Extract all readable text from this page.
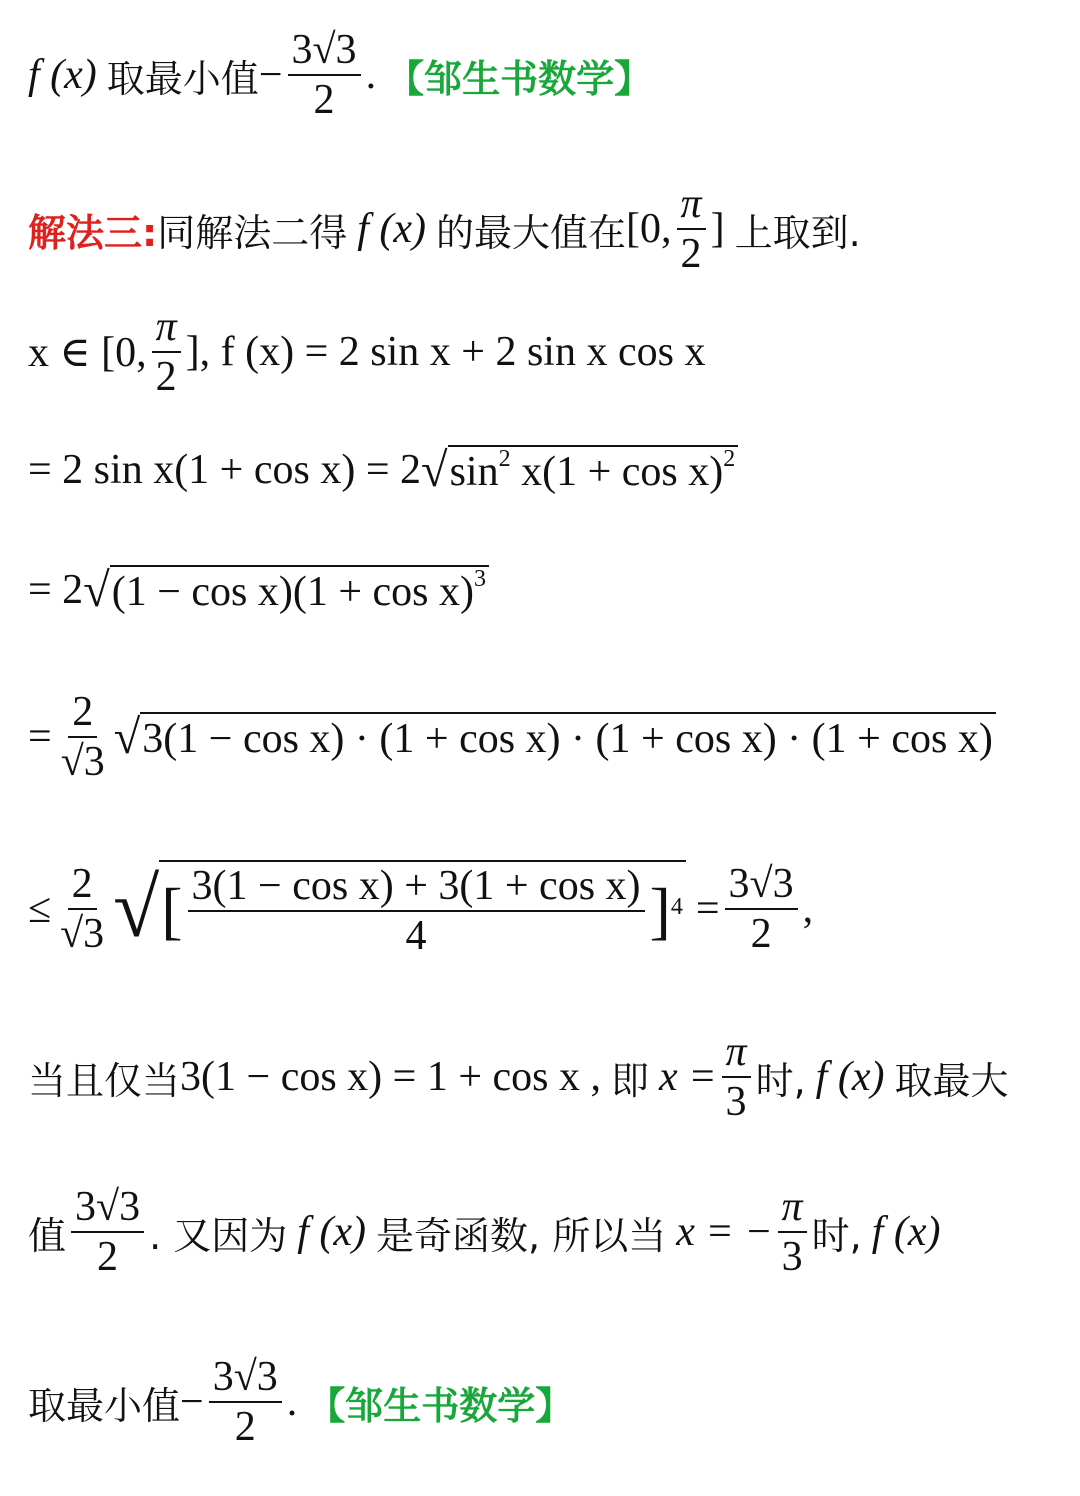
f (x) 取最小值 − $\frac{3√3}{2}$ . 【邹生书数学】
解法三: 同解法二得 f (x) 的最大值在 [0, $\frac{\pi}{2}$ ] 上取到.
x ∈ [0, $\frac{\pi}{2}$ ], f (x) = 2 sin x + 2 sin x cos x
= 2 sin x(1 + cos x) = 2 √ $\sin^2 x(1 + \cos x)^2$
= 2 √ $(1 - \cos x)(1 + \cos x)^3$
= $\frac{2}{√3}$ √ 3(1 − cos x) · (1 + cos x) · (1 + cos x) · (1 + cos x)
≤ $\frac{2}{√3}$ √ [ $\frac{\text{3(1 − cos x) + 3(1 + cos x)}}{4}$ ] $4 = \frac{3√3}{2}$ ,
当且仅当 3(1 − cos x) = 1 + cos x , 即 $x = \frac{\pi}{3}$ 时, f (x) 取最大
值 $\frac{3√3}{2}$ . 又因为 f (x) 是奇函数, 所以当 x = − $\frac{\pi}{3}$ 时, f (x)
取最小值 − $\frac{3√3}{2}$ . 【邹生书数学】
